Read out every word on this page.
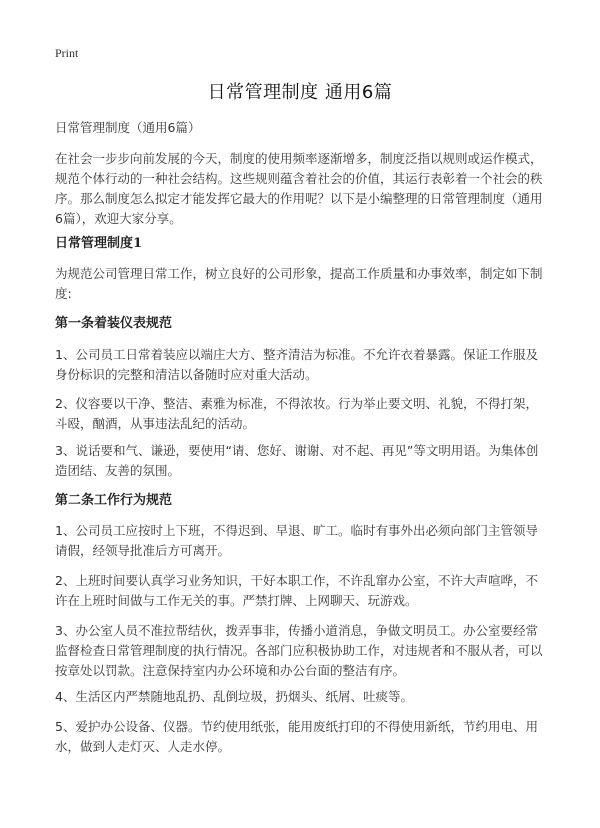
Print
日常管理制度 通用6篇
日常管理制度（通用6篇）
在社会一步步向前发展的今天，制度的使用频率逐渐增多，制度泛指以规则或运作模式，规范个体行动的一种社会结构。这些规则蕴含着社会的价值，其运行表彰着一个社会的秩序。那么制度怎么拟定才能发挥它最大的作用呢？以下是小编整理的日常管理制度（通用6篇），欢迎大家分享。
日常管理制度1
为规范公司管理日常工作，树立良好的公司形象，提高工作质量和办事效率，制定如下制度:
第一条着装仪表规范
1、公司员工日常着装应以端庄大方、整齐清洁为标准。不允许衣着暴露。保证工作服及身份标识的完整和清洁以备随时应对重大活动。
2、仪容要以干净、整洁、素雅为标准，不得浓妆。行为举止要文明、礼貌，不得打架，斗殴，酗酒，从事违法乱纪的活动。
3、说话要和气、谦逊，要使用“请、您好、谢谢、对不起、再见”等文明用语。为集体创造团结、友善的氛围。
第二条工作行为规范
1、公司员工应按时上下班，不得迟到、早退、旷工。临时有事外出必须向部门主管领导请假，经领导批准后方可离开。
2、上班时间要认真学习业务知识，干好本职工作，不许乱窜办公室，不许大声喧哗，不许在上班时间做与工作无关的事。严禁打牌、上网聊天、玩游戏。
3、办公室人员不准拉帮结伙，拨弄事非，传播小道消息，争做文明员工。办公室要经常监督检查日常管理制度的执行情况。各部门应积极协助工作，对违规者和不服从者，可以按章处以罚款。注意保持室内办公环境和办公台面的整洁有序。
4、生活区内严禁随地乱扔、乱倒垃圾，扔烟头、纸屑、吐痰等。
5、爱护办公设备、仪器。节约使用纸张，能用废纸打印的不得使用新纸，节约用电、用水，做到人走灯灭、人走水停。
